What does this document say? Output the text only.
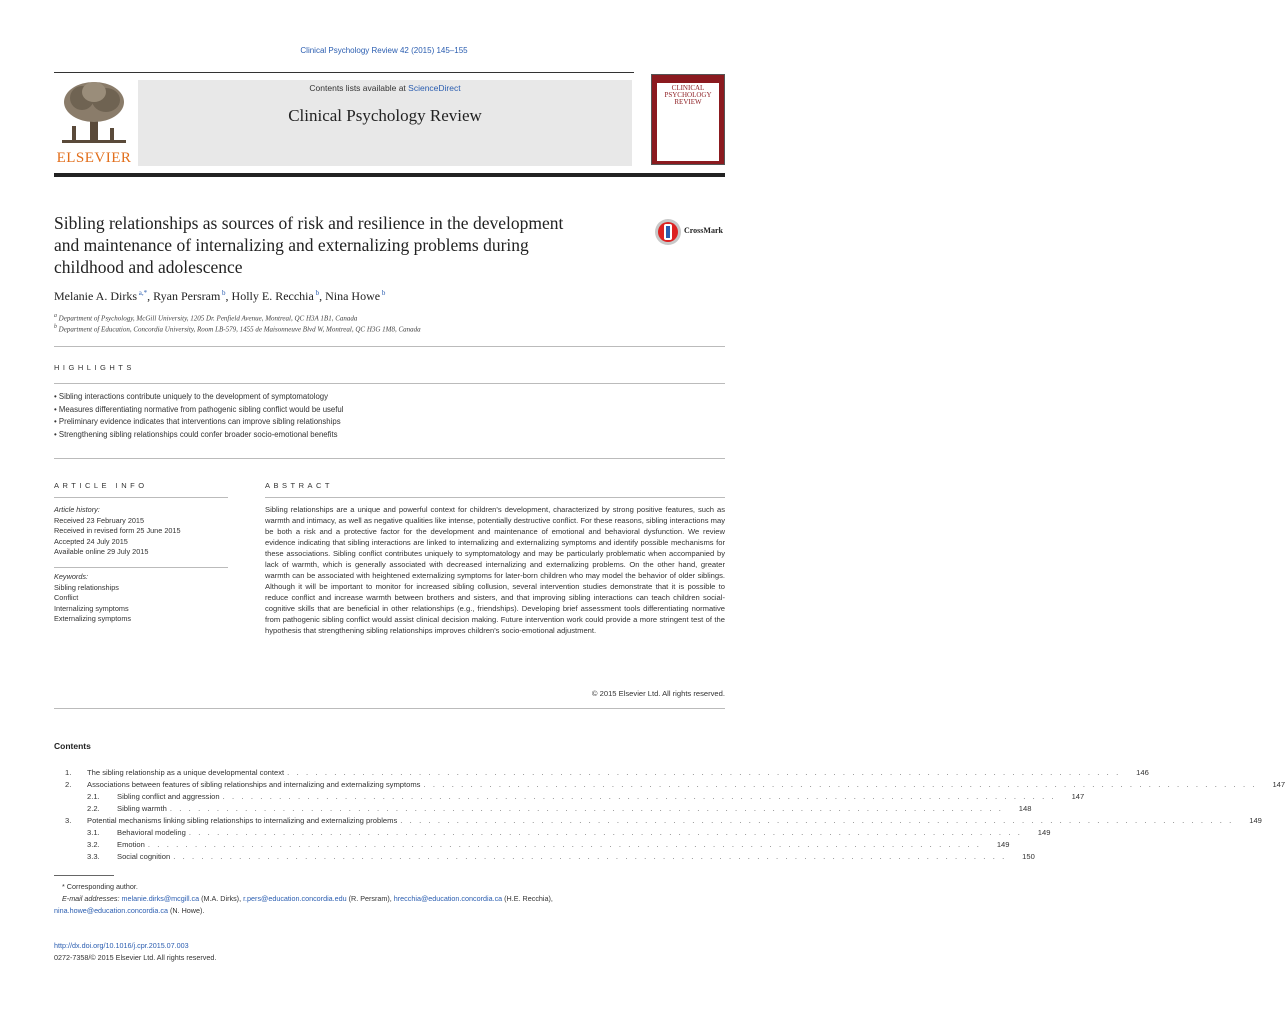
Clinical Psychology Review 42 (2015) 145–155
ELSEVIER
Contents lists available at ScienceDirect
Clinical Psychology Review
CLINICAL
PSYCHOLOGY
REVIEW
Sibling relationships as sources of risk and resilience in the development
and maintenance of internalizing and externalizing problems during
childhood and adolescence
CrossMark
Melanie A. Dirks $^{a,*}$, Ryan Persram $^b$, Holly E. Recchia $^b$, Nina Howe $^b$
$^a$ Department of Psychology, McGill University, 1205 Dr. Penfield Avenue, Montreal, QC H3A 1B1, Canada
$^b$ Department of Education, Concordia University, Room LB-579, 1455 de Maisonneuve Blvd W, Montreal, QC H3G 1M8, Canada
HIGHLIGHTS
• Sibling interactions contribute uniquely to the development of symptomatology
• Measures differentiating normative from pathogenic sibling conflict would be useful
• Preliminary evidence indicates that interventions can improve sibling relationships
• Strengthening sibling relationships could confer broader socio-emotional benefits
ARTICLE INFO
Article history:
Received 23 February 2015
Received in revised form 25 June 2015
Accepted 24 July 2015
Available online 29 July 2015
Keywords:
Sibling relationships
Conflict
Internalizing symptoms
Externalizing symptoms
ABSTRACT
Sibling relationships are a unique and powerful context for children's development, characterized by strong positive features, such as warmth and intimacy, as well as negative qualities like intense, potentially destructive conflict. For these reasons, sibling interactions may be both a risk and a protective factor for the development and maintenance of emotional and behavioral dysfunction. We review evidence indicating that sibling interactions are linked to internalizing and externalizing symptoms and identify possible mechanisms for these associations. Sibling conflict contributes uniquely to symptomatology and may be particularly problematic when accompanied by lack of warmth, which is generally associated with decreased internalizing and externalizing problems. On the other hand, greater warmth can be associated with heightened externalizing symptoms for later-born children who may model the behavior of older siblings. Although it will be important to monitor for increased sibling collusion, several intervention studies demonstrate that it is possible to reduce conflict and increase warmth between brothers and sisters, and that improving sibling interactions can teach children social-cognitive skills that are beneficial in other relationships (e.g., friendships). Developing brief assessment tools differentiating normative from pathogenic sibling conflict would assist clinical decision making. Future intervention work could provide a more stringent test of the hypothesis that strengthening sibling relationships improves children's socio-emotional adjustment.
© 2015 Elsevier Ltd. All rights reserved.
Contents
1.	The sibling relationship as a unique developmental context . . . . . . . . . . . . . . . . . . . . . . . . . . . . . . . . . . . . . . . . . . . . . . . . . . . . . . . . . . . . . . . . . . . . . . . . . . . . . . . . . . . . . . . . .	146
2.	Associations between features of sibling relationships and internalizing and externalizing symptoms . . . . . . . . . . . . . . . . . . . . . . . . . . . . . . . . . . . . . . . . . . . . . . . . . . . . . . . . . . . . . . . . . . . . . . . . . . . . . . . . . . . . . . . . .	147
2.1.	Sibling conflict and aggression . . . . . . . . . . . . . . . . . . . . . . . . . . . . . . . . . . . . . . . . . . . . . . . . . . . . . . . . . . . . . . . . . . . . . . . . . . . . . . . . . . . . . . . . .	147
2.2.	Sibling warmth . . . . . . . . . . . . . . . . . . . . . . . . . . . . . . . . . . . . . . . . . . . . . . . . . . . . . . . . . . . . . . . . . . . . . . . . . . . . . . . . . . . . . . . . .	148
3.	Potential mechanisms linking sibling relationships to internalizing and externalizing problems . . . . . . . . . . . . . . . . . . . . . . . . . . . . . . . . . . . . . . . . . . . . . . . . . . . . . . . . . . . . . . . . . . . . . . . . . . . . . . . . . . . . . . . . .	149
3.1.	Behavioral modeling . . . . . . . . . . . . . . . . . . . . . . . . . . . . . . . . . . . . . . . . . . . . . . . . . . . . . . . . . . . . . . . . . . . . . . . . . . . . . . . . . . . . . . . . .	149
3.2.	Emotion . . . . . . . . . . . . . . . . . . . . . . . . . . . . . . . . . . . . . . . . . . . . . . . . . . . . . . . . . . . . . . . . . . . . . . . . . . . . . . . . . . . . . . . . .	149
3.3.	Social cognition . . . . . . . . . . . . . . . . . . . . . . . . . . . . . . . . . . . . . . . . . . . . . . . . . . . . . . . . . . . . . . . . . . . . . . . . . . . . . . . . . . . . . . . . .	150
* Corresponding author.
E-mail addresses: melanie.dirks@mcgill.ca (M.A. Dirks), r.pers@education.concordia.edu (R. Persram), hrecchia@education.concordia.ca (H.E. Recchia),
nina.howe@education.concordia.ca (N. Howe).
http://dx.doi.org/10.1016/j.cpr.2015.07.003
0272-7358/© 2015 Elsevier Ltd. All rights reserved.
